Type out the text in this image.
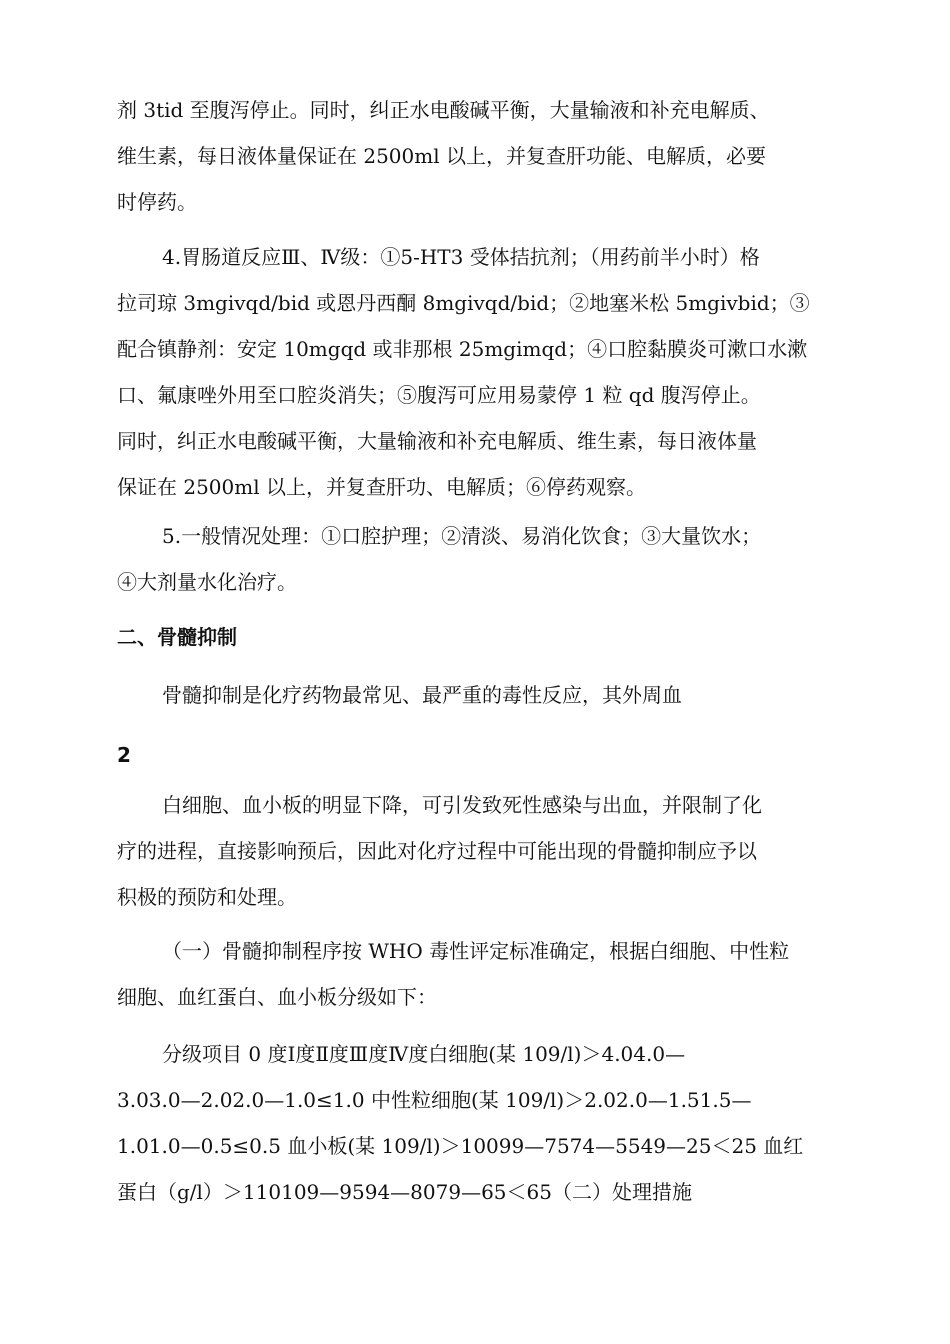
剂 3tid 至腹泻停止。同时，纠正水电酸碱平衡，大量输液和补充电解质、
维生素，每日液体量保证在 2500ml 以上，并复查肝功能、电解质，必要
时停药。
4.胃肠道反应Ⅲ、Ⅳ级：①5-HT3 受体拮抗剂；（用药前半小时）格
拉司琼 3mgivqd/bid 或恩丹西酮 8mgivqd/bid；②地塞米松 5mgivbid；③
配合镇静剂：安定 10mgqd 或非那根 25mgimqd；④口腔黏膜炎可漱口水漱
口、氟康唑外用至口腔炎消失；⑤腹泻可应用易蒙停 1 粒 qd 腹泻停止。
同时，纠正水电酸碱平衡，大量输液和补充电解质、维生素，每日液体量
保证在 2500ml 以上，并复查肝功、电解质；⑥停药观察。
5.一般情况处理：①口腔护理；②清淡、易消化饮食；③大量饮水；
④大剂量水化治疗。
二、骨髓抑制
骨髓抑制是化疗药物最常见、最严重的毒性反应，其外周血
2
白细胞、血小板的明显下降，可引发致死性感染与出血，并限制了化
疗的进程，直接影响预后，因此对化疗过程中可能出现的骨髓抑制应予以
积极的预防和处理。
（一）骨髓抑制程序按 WHO 毒性评定标准确定，根据白细胞、中性粒
细胞、血红蛋白、血小板分级如下：
分级项目 0 度Ⅰ度Ⅱ度Ⅲ度Ⅳ度白细胞(某 109/l)＞4.04.0—
3.03.0—2.02.0—1.0≤1.0 中性粒细胞(某 109/l)＞2.02.0—1.51.5—
1.01.0—0.5≤0.5 血小板(某 109/l)＞10099—7574—5549—25＜25 血红
蛋白（g/l）＞110109—9594—8079—65＜65（二）处理措施
